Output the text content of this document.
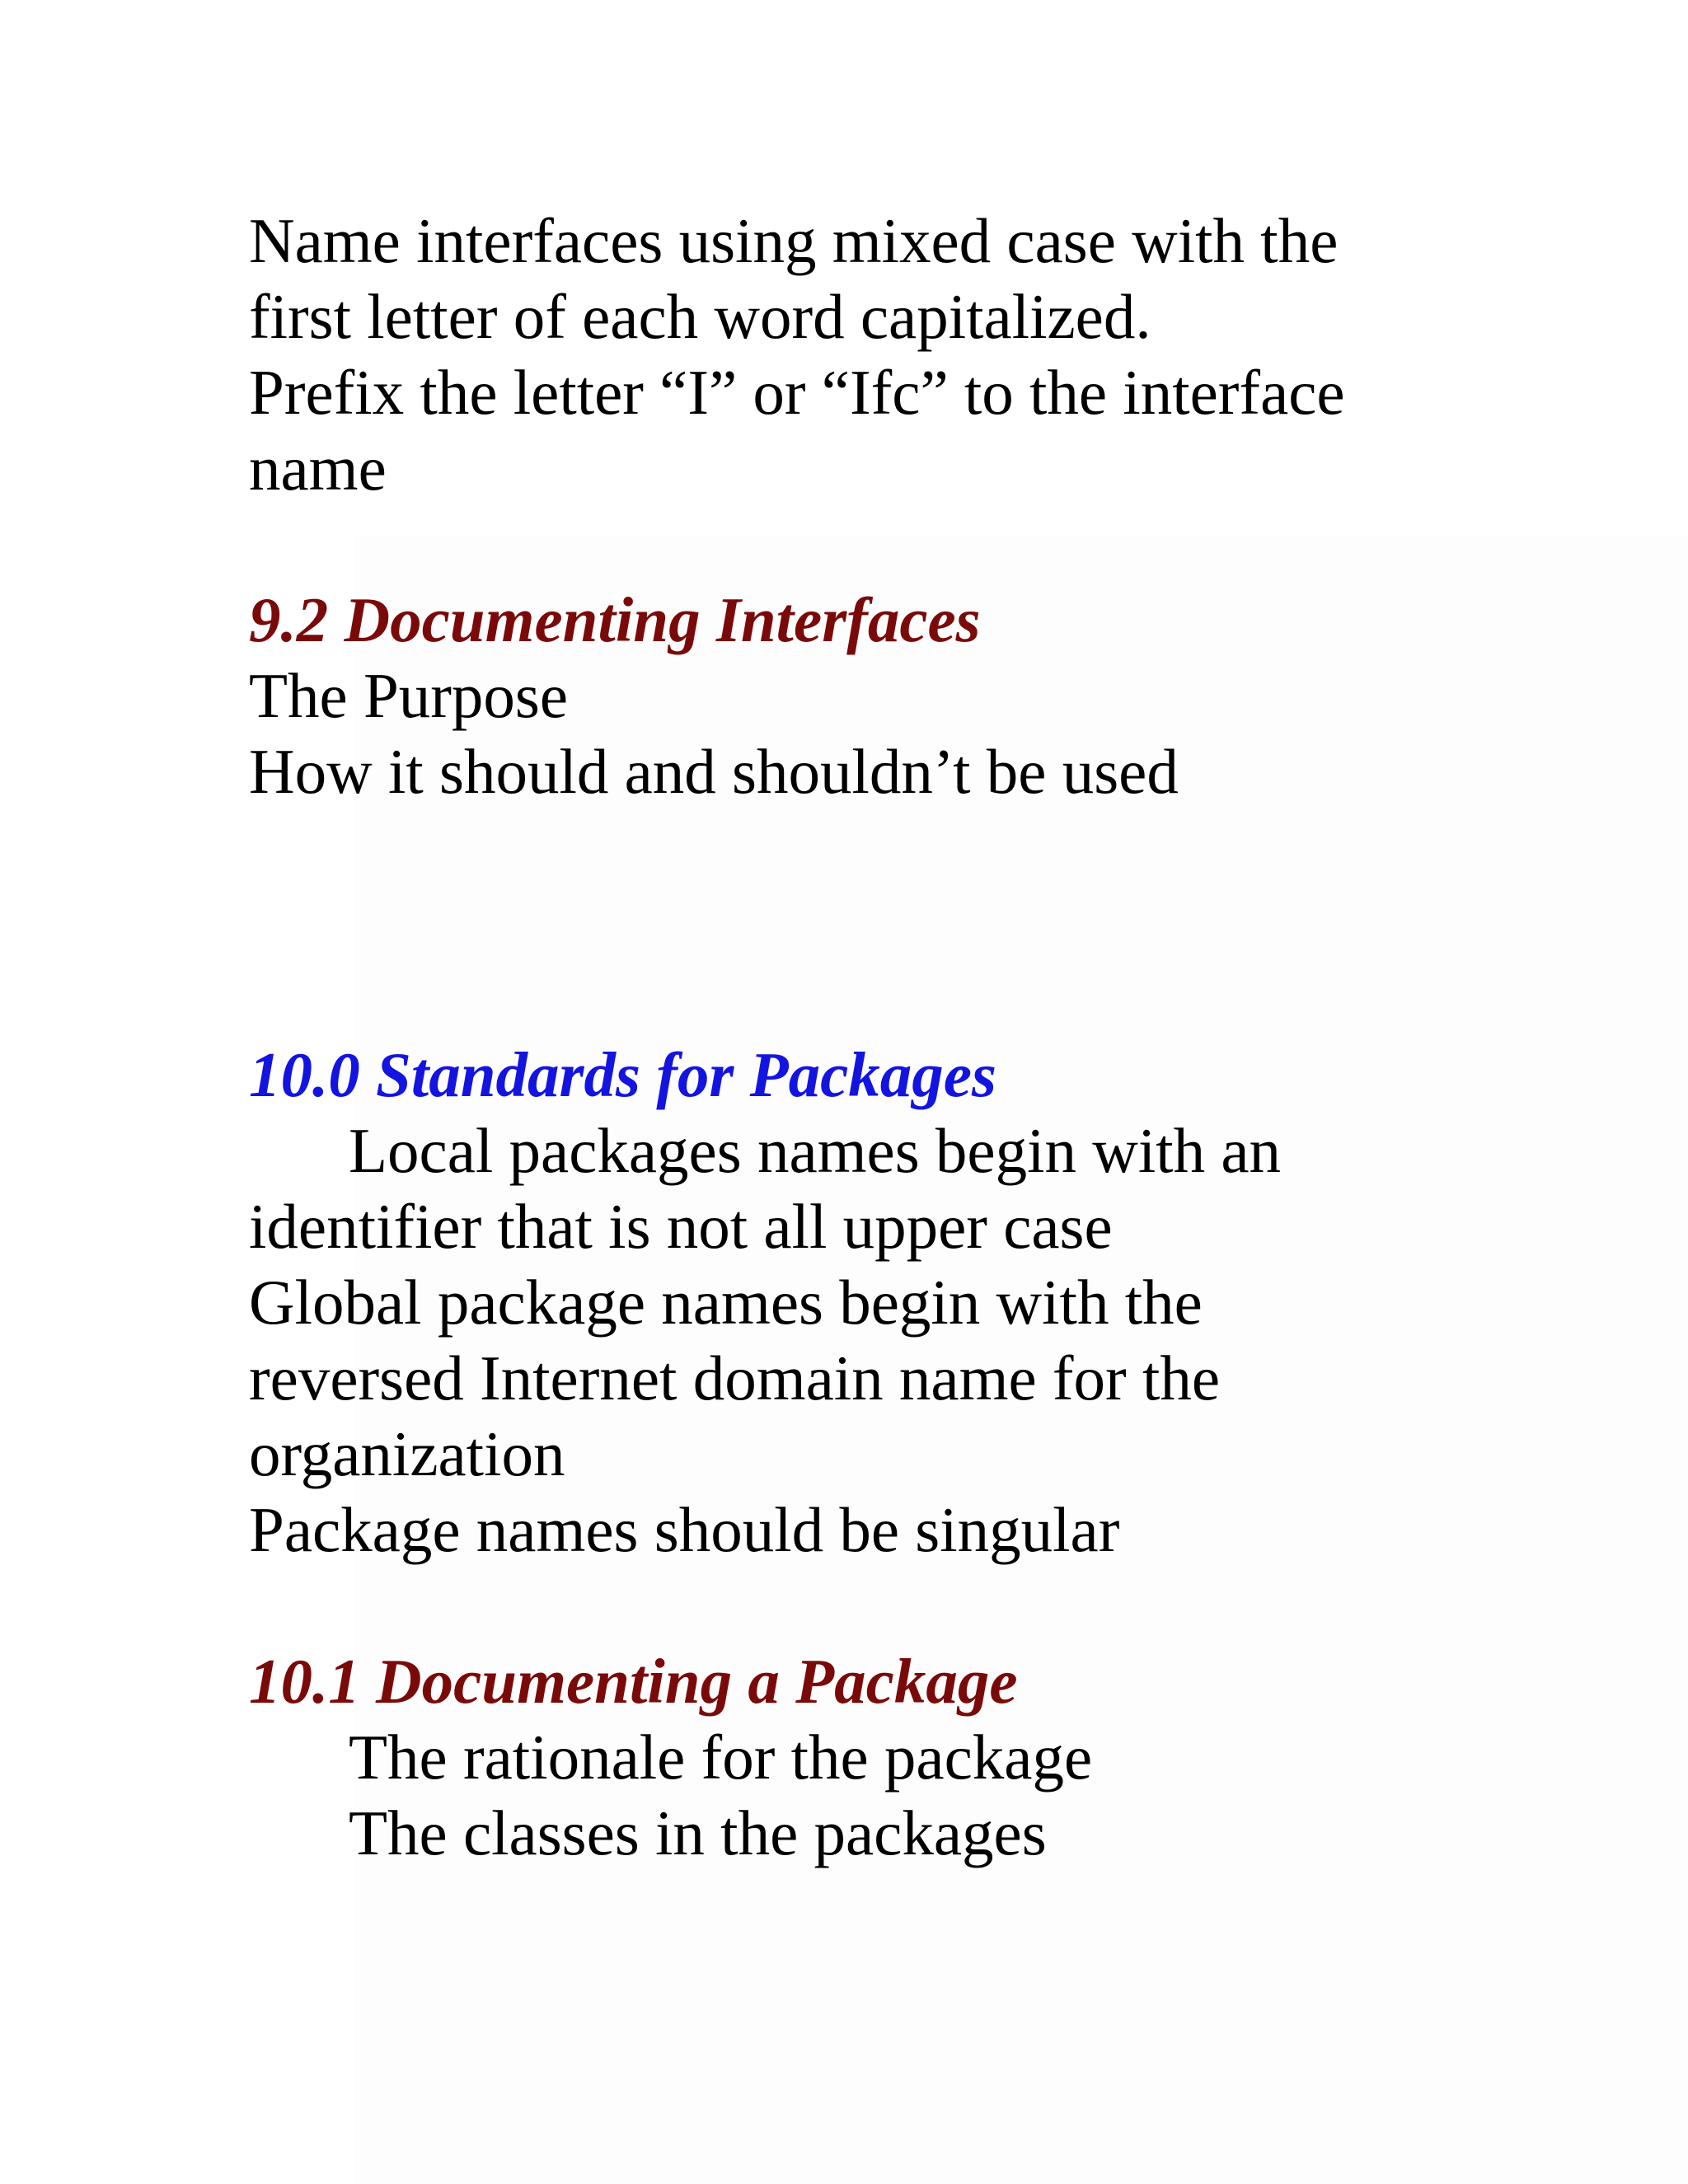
Name interfaces using mixed case with the
first letter of each word capitalized.
Prefix the letter “I” or “Ifc” to the interface
name
9.2 Documenting Interfaces
The Purpose
How it should and shouldn’t be used
10.0 Standards for Packages
Local packages names begin with an
identifier that is not all upper case
Global package names begin with the
reversed Internet domain name for the
organization
Package names should be singular
10.1 Documenting a Package
The rationale for the package
The classes in the packages
